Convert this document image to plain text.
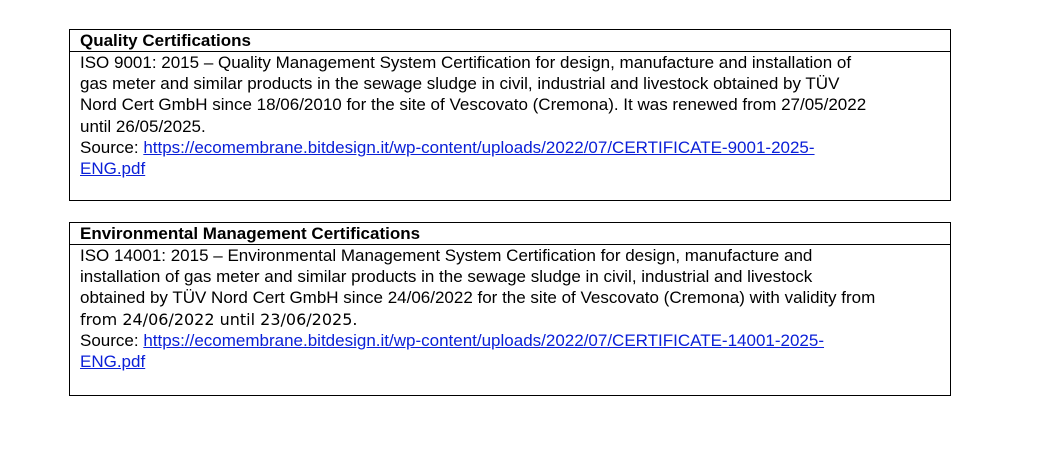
Quality Certifications

ISO 9001: 2015 – Quality Management System Certification for design, manufacture and installation of

gas meter and similar products in the sewage sludge in civil, industrial and livestock obtained by TÜV

Nord Cert GmbH since 18/06/2010 for the site of Vescovato (Cremona). It was renewed from 27/05/2022

until 26/05/2025.

Source: https://ecomembrane.bitdesign.it/wp-content/uploads/2022/07/CERTIFICATE-9001-2025-

ENG.pdf

Environmental Management Certifications

ISO 14001: 2015 – Environmental Management System Certification for design, manufacture and

installation of gas meter and similar products in the sewage sludge in civil, industrial and livestock

obtained by TÜV Nord Cert GmbH since 24/06/2022 for the site of Vescovato (Cremona) with validity from

from 24/06/2022 until 23/06/2025.

Source: https://ecomembrane.bitdesign.it/wp-content/uploads/2022/07/CERTIFICATE-14001-2025-

ENG.pdf
